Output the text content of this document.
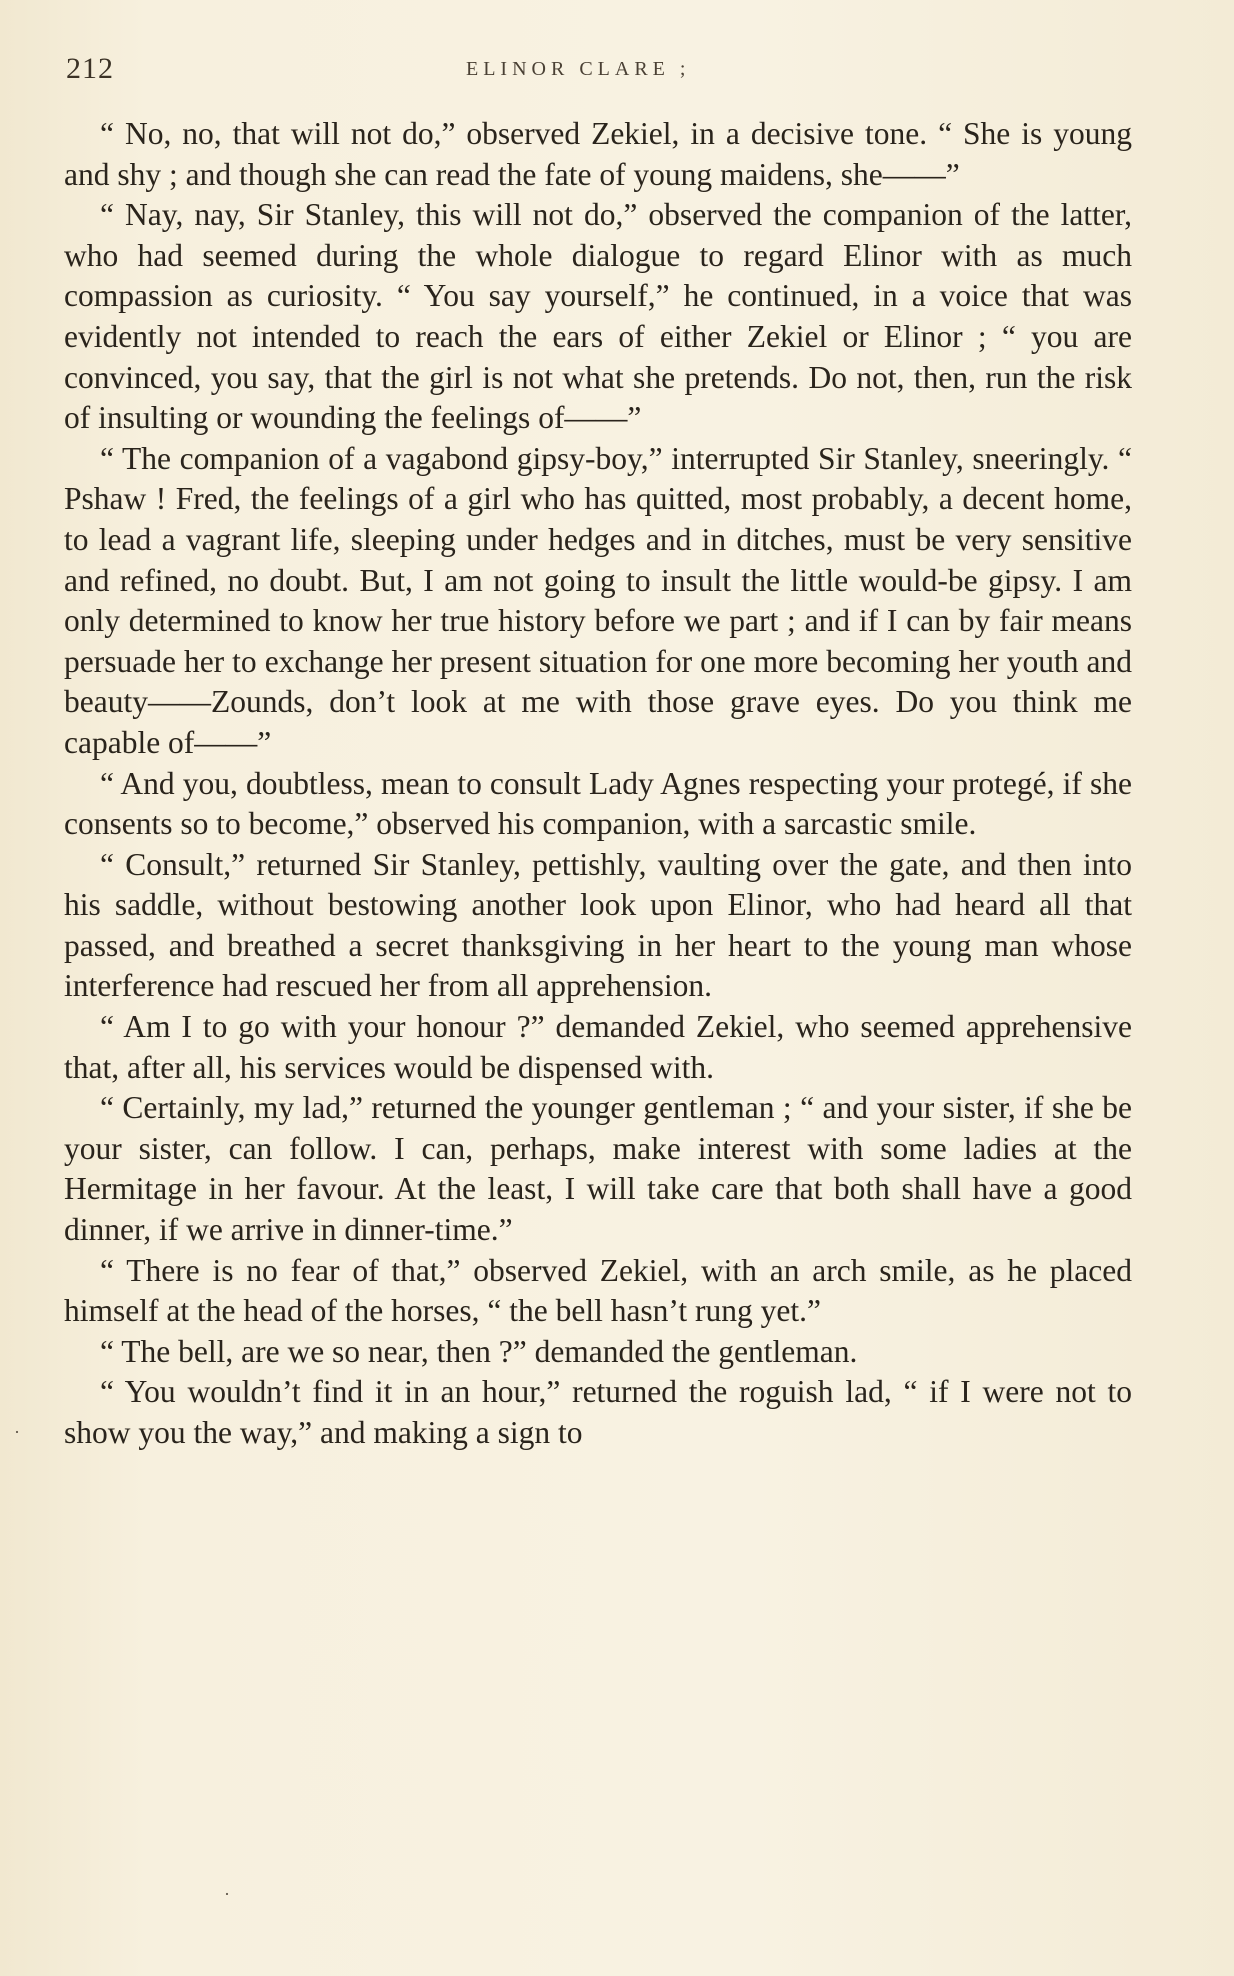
212	ELINOR CLARE ;

“ No, no, that will not do,” observed Zekiel, in a decisive tone. “ She is young and shy ; and though she can read the fate of young maidens, she——”

“ Nay, nay, Sir Stanley, this will not do,” observed the companion of the latter, who had seemed during the whole dialogue to regard Elinor with as much compassion as curiosity. “ You say yourself,” he continued, in a voice that was evidently not intended to reach the ears of either Zekiel or Elinor ; “ you are convinced, you say, that the girl is not what she pretends. Do not, then, run the risk of insulting or wounding the feelings of——”

“ The companion of a vagabond gipsy-boy,” interrupted Sir Stanley, sneeringly. “ Pshaw ! Fred, the feelings of a girl who has quitted, most probably, a decent home, to lead a vagrant life, sleeping under hedges and in ditches, must be very sensitive and refined, no doubt. But, I am not going to insult the little would-be gipsy. I am only determined to know her true history before we part ; and if I can by fair means persuade her to exchange her present situation for one more becoming her youth and beauty——Zounds, don’t look at me with those grave eyes. Do you think me capable of——”

“ And you, doubtless, mean to consult Lady Agnes respecting your protegé, if she consents so to become,” observed his companion, with a sarcastic smile.

“ Consult,” returned Sir Stanley, pettishly, vaulting over the gate, and then into his saddle, without bestowing another look upon Elinor, who had heard all that passed, and breathed a secret thanksgiving in her heart to the young man whose interference had rescued her from all apprehension.

“ Am I to go with your honour ?” demanded Zekiel, who seemed apprehensive that, after all, his services would be dispensed with.

“ Certainly, my lad,” returned the younger gentleman ; “ and your sister, if she be your sister, can follow. I can, perhaps, make interest with some ladies at the Hermitage in her favour. At the least, I will take care that both shall have a good dinner, if we arrive in dinner-time.”

“ There is no fear of that,” observed Zekiel, with an arch smile, as he placed himself at the head of the horses, “ the bell hasn’t rung yet.”

“ The bell, are we so near, then ?” demanded the gentleman.

“ You wouldn’t find it in an hour,” returned the roguish lad, “ if I were not to show you the way,” and making a sign to

·
·
